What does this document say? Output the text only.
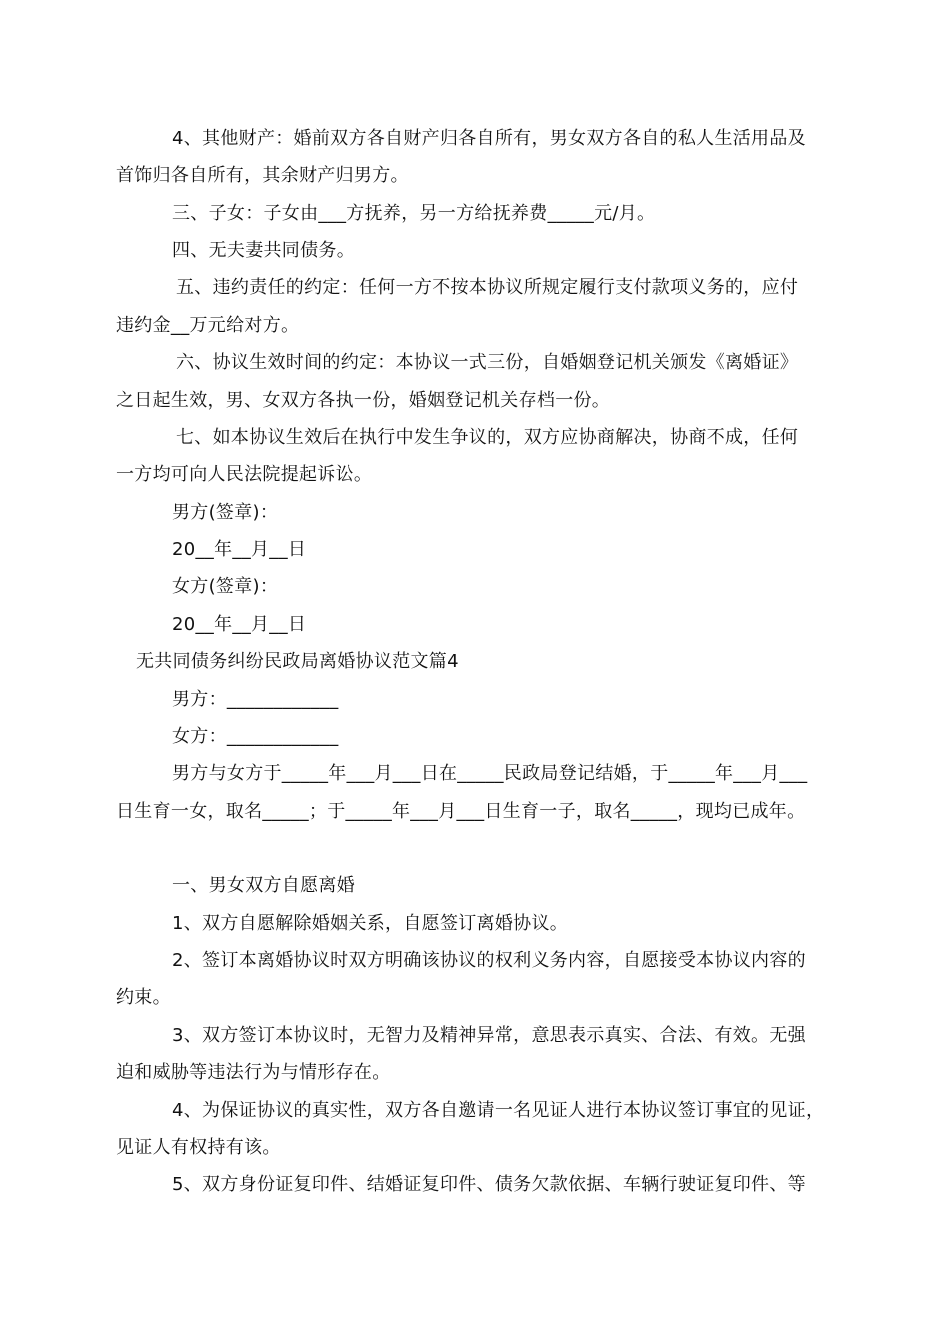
4、其他财产：婚前双方各自财产归各自所有，男女双方各自的私人生活用品及
首饰归各自所有，其余财产归男方。
三、子女：子女由___方抚养，另一方给抚养费_____元/月。
四、无夫妻共同债务。
五、违约责任的约定：任何一方不按本协议所规定履行支付款项义务的，应付
违约金__万元给对方。
六、协议生效时间的约定：本协议一式三份，自婚姻登记机关颁发《离婚证》
之日起生效，男、女双方各执一份，婚姻登记机关存档一份。
七、如本协议生效后在执行中发生争议的，双方应协商解决，协商不成，任何
一方均可向人民法院提起诉讼。
男方(签章)：
20__年__月__日
女方(签章)：
20__年__月__日
无共同债务纠纷民政局离婚协议范文篇4
男方：____________
女方：____________
男方与女方于_____年___月___日在_____民政局登记结婚，于_____年___月___
日生育一女，取名_____；于_____年___月___日生育一子，取名_____，现均已成年。
一、男女双方自愿离婚
1、双方自愿解除婚姻关系，自愿签订离婚协议。
2、签订本离婚协议时双方明确该协议的权利义务内容，自愿接受本协议内容的
约束。
3、双方签订本协议时，无智力及精神异常，意思表示真实、合法、有效。无强
迫和威胁等违法行为与情形存在。
4、为保证协议的真实性，双方各自邀请一名见证人进行本协议签订事宜的见证，
见证人有权持有该。
5、双方身份证复印件、结婚证复印件、债务欠款依据、车辆行驶证复印件、等
